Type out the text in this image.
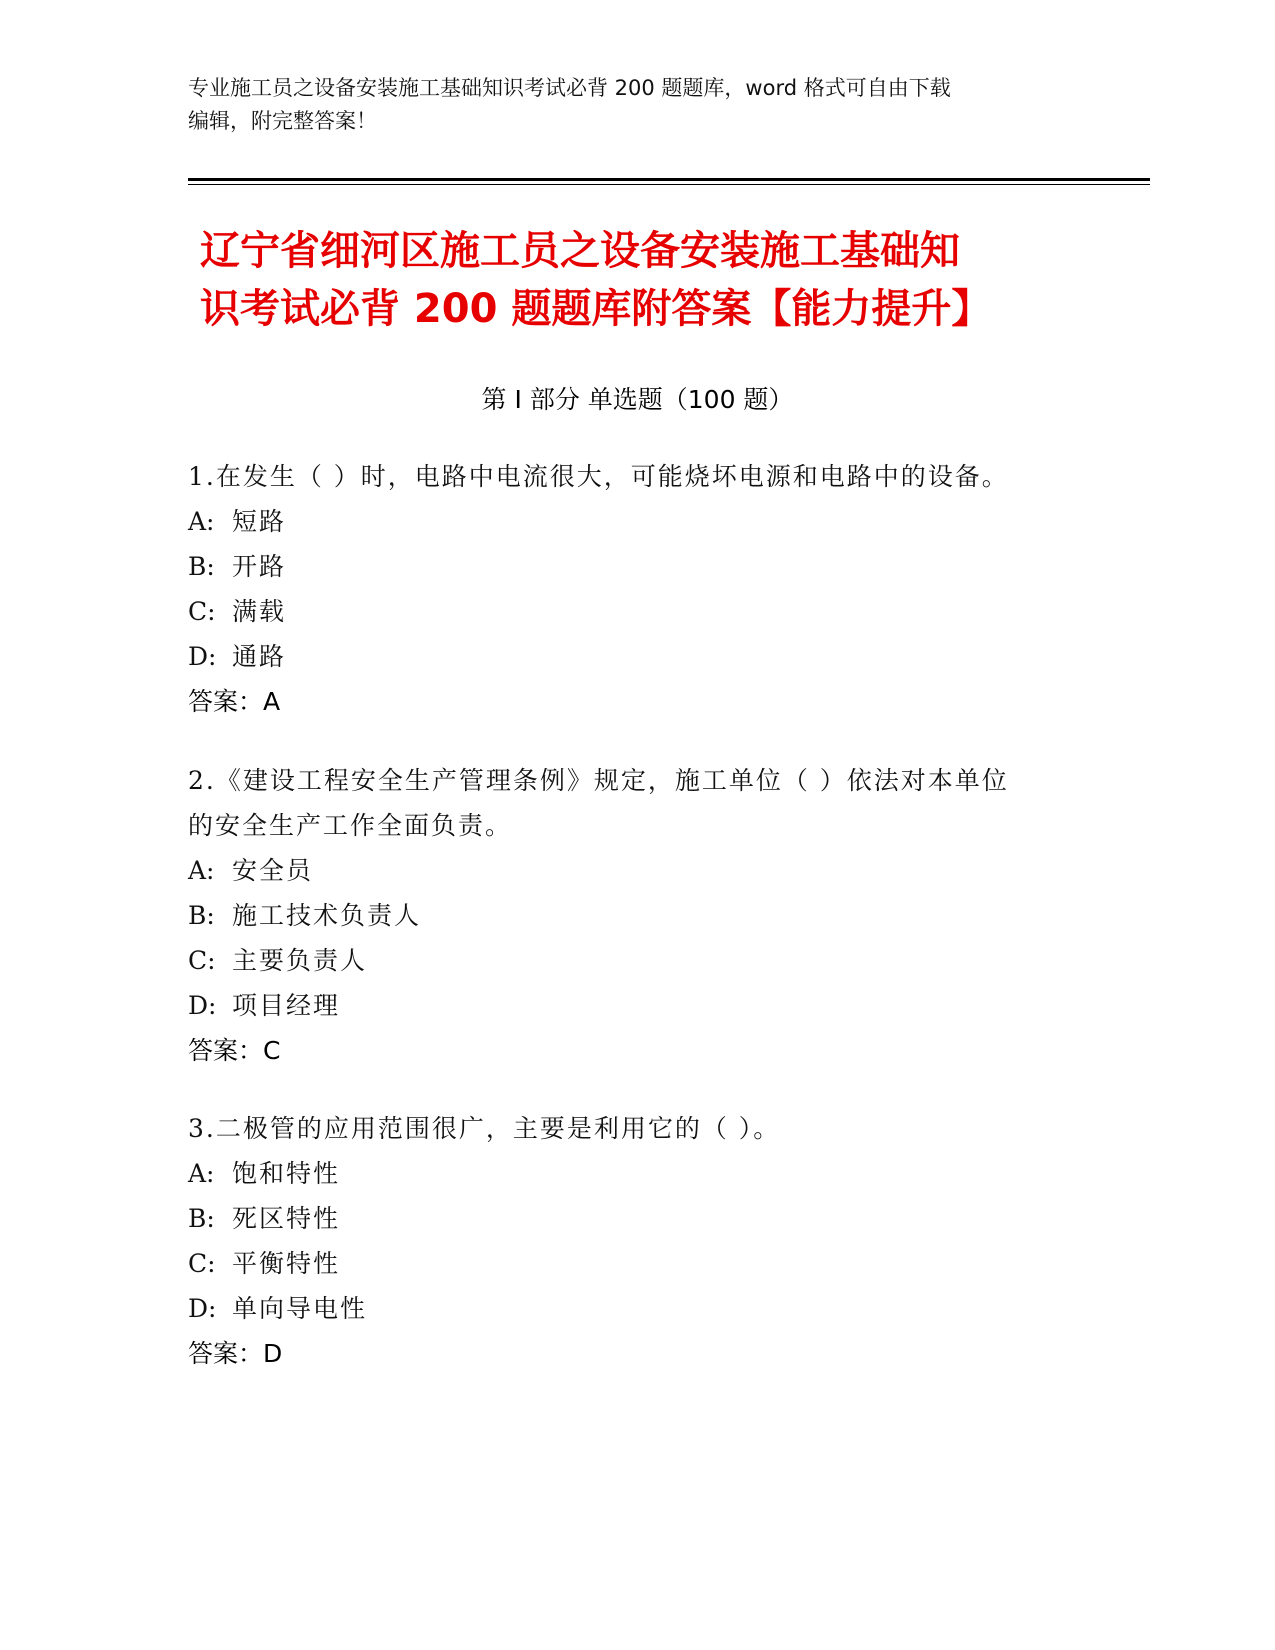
专业施工员之设备安装施工基础知识考试必背 200 题题库，word 格式可自由下载
编辑，附完整答案！
辽宁省细河区施工员之设备安装施工基础知
识考试必背 200 题题库附答案【能力提升】
第 I 部分 单选题（100 题）
1.在发生（ ）时，电路中电流很大，可能烧坏电源和电路中的设备。
A: 短路
B: 开路
C: 满载
D: 通路
答案：A
2.《建设工程安全生产管理条例》规定，施工单位（ ）依法对本单位
的安全生产工作全面负责。
A: 安全员
B: 施工技术负责人
C: 主要负责人
D: 项目经理
答案：C
3.二极管的应用范围很广，主要是利用它的（ ）。
A: 饱和特性
B: 死区特性
C: 平衡特性
D: 单向导电性
答案：D
